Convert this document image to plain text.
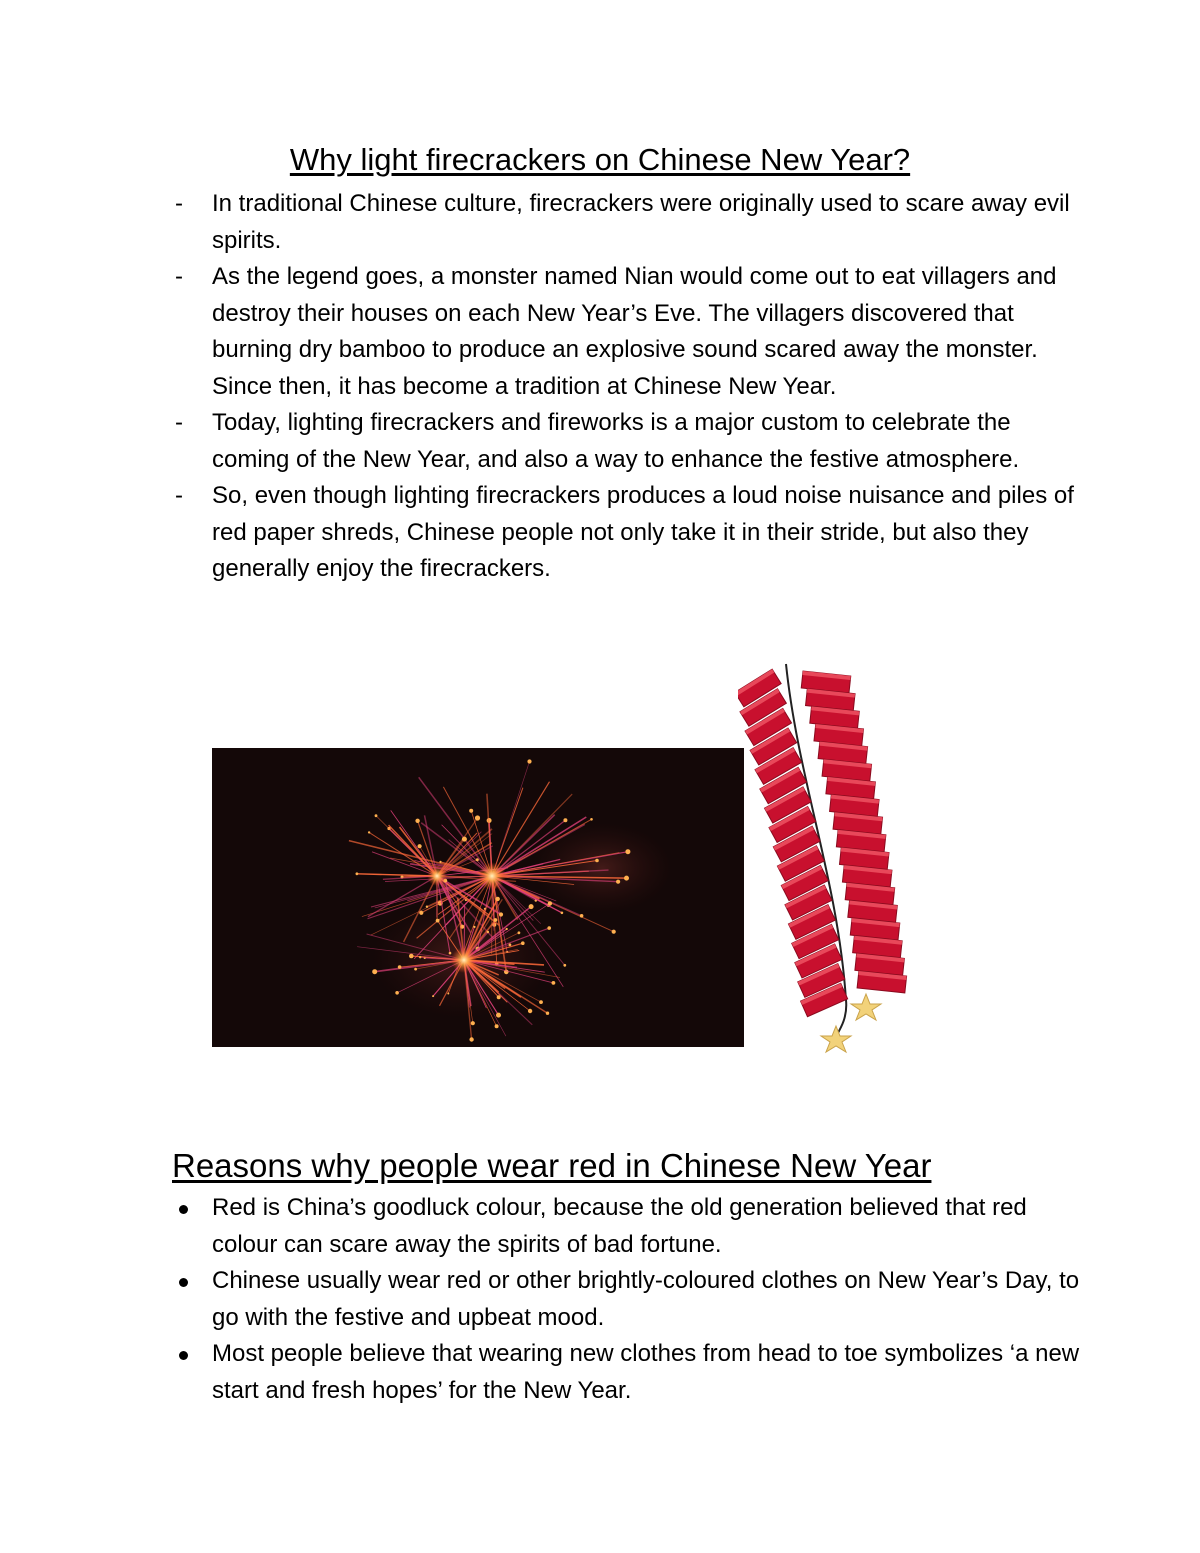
Why light firecrackers on Chinese New Year?
- In traditional Chinese culture, firecrackers were originally used to scare away evil spirits.
- As the legend goes, a monster named Nian would come out to eat villagers and destroy their houses on each New Year’s Eve. The villagers discovered that burning dry bamboo to produce an explosive sound scared away the monster. Since then, it has become a tradition at Chinese New Year.
- Today, lighting firecrackers and fireworks is a major custom to celebrate the coming of the New Year, and also a way to enhance the festive atmosphere.
- So, even though lighting firecrackers produces a loud noise nuisance and piles of red paper shreds, Chinese people not only take it in their stride, but also they generally enjoy the firecrackers.
Reasons why people wear red in Chinese New Year
Red is China’s goodluck colour, because the old generation believed that red colour can scare away the spirits of bad fortune.
Chinese usually wear red or other brightly-coloured clothes on New Year’s Day, to go with the festive and upbeat mood.
Most people believe that wearing new clothes from head to toe symbolizes ‘a new start and fresh hopes’ for the New Year.
